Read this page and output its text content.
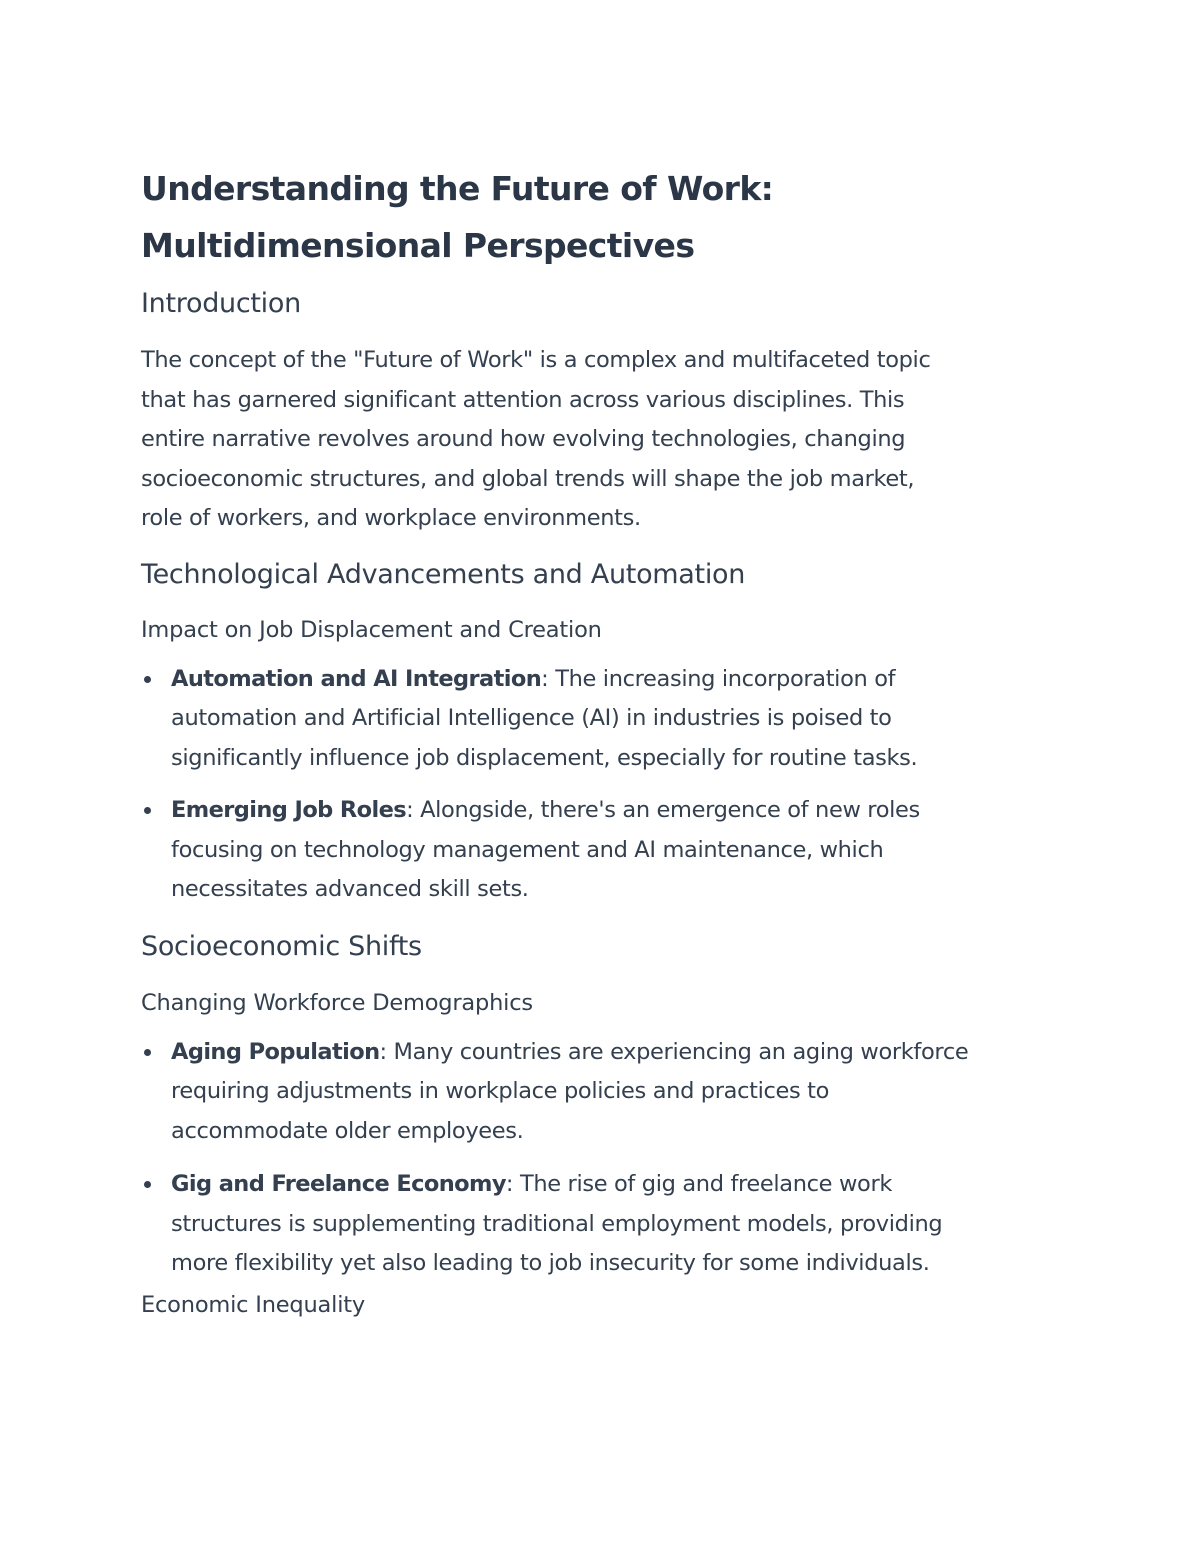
Understanding the Future of Work:
Multidimensional Perspectives
Introduction
The concept of the "Future of Work" is a complex and multifaceted topic
that has garnered significant attention across various disciplines. This
entire narrative revolves around how evolving technologies, changing
socioeconomic structures, and global trends will shape the job market,
role of workers, and workplace environments.
Technological Advancements and Automation
Impact on Job Displacement and Creation
Automation and AI Integration: The increasing incorporation of
automation and Artificial Intelligence (AI) in industries is poised to
significantly influence job displacement, especially for routine tasks.
Emerging Job Roles: Alongside, there's an emergence of new roles
focusing on technology management and AI maintenance, which
necessitates advanced skill sets.
Socioeconomic Shifts
Changing Workforce Demographics
Aging Population: Many countries are experiencing an aging workforce
requiring adjustments in workplace policies and practices to
accommodate older employees.
Gig and Freelance Economy: The rise of gig and freelance work
structures is supplementing traditional employment models, providing
more flexibility yet also leading to job insecurity for some individuals.
Economic Inequality
